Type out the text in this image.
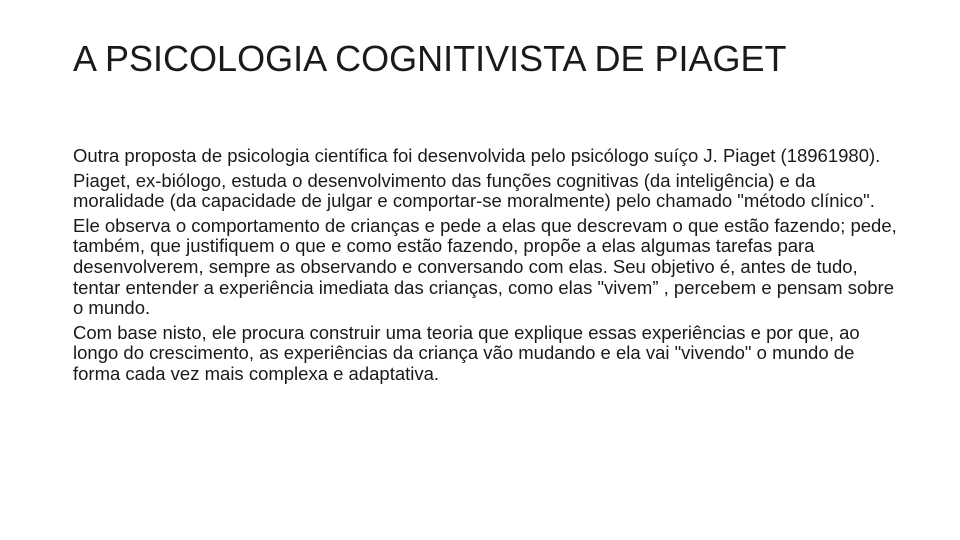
A PSICOLOGIA COGNITIVISTA DE PIAGET

Outra proposta de psicologia científica foi desenvolvida pelo psicólogo suíço J. Piaget (18961980).

Piaget, ex-biólogo, estuda o desenvolvimento das funções cognitivas (da inteligência) e da moralidade (da capacidade de julgar e comportar-se moralmente) pelo chamado "método clínico".

Ele observa o comportamento de crianças e pede a elas que descrevam o que estão fazendo; pede, também, que justifiquem o que e como estão fazendo, propõe a elas algumas tarefas para desenvolverem, sempre as observando e conversando com elas. Seu objetivo é, antes de tudo, tentar entender a experiência imediata das crianças, como elas "vivem” , percebem e pensam sobre o mundo.

Com base nisto, ele procura construir uma teoria que explique essas experiências e por que, ao longo do crescimento, as experiências da criança vão mudando e ela vai "vivendo" o mundo de forma cada vez mais complexa e adaptativa.
